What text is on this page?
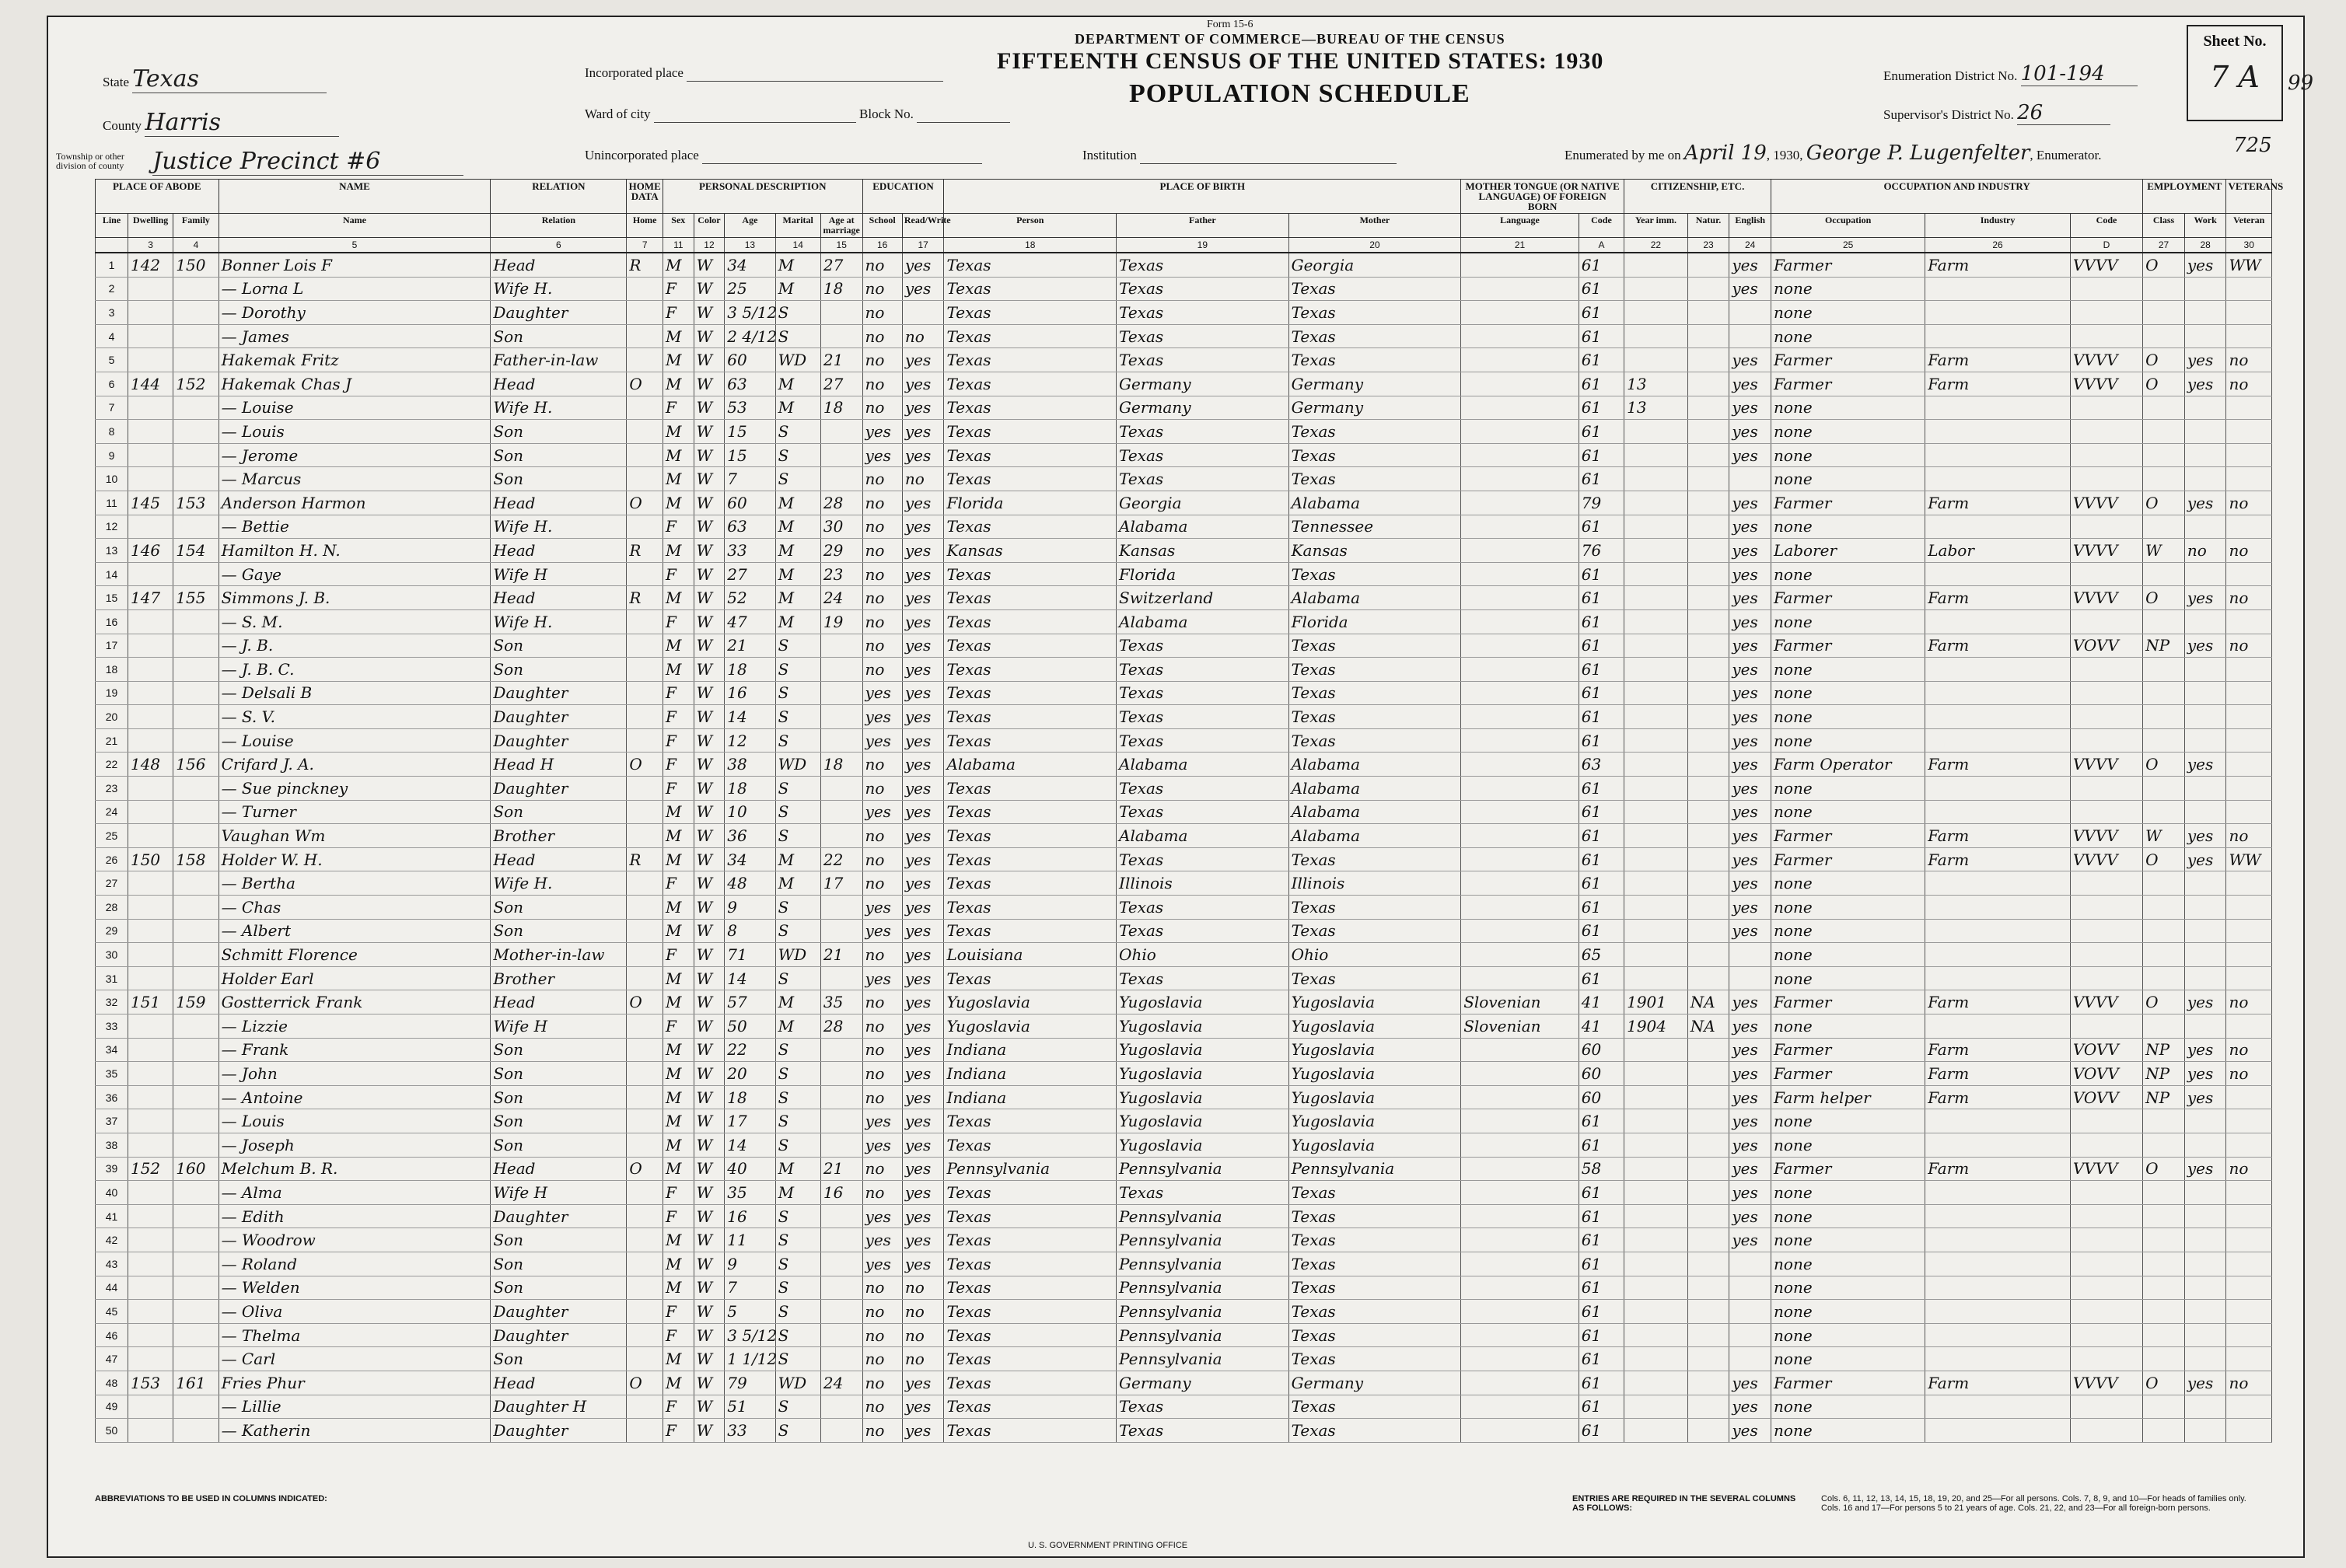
Form 15-6
DEPARTMENT OF COMMERCE—BUREAU OF THE CENSUS
FIFTEENTH CENSUS OF THE UNITED STATES: 1930
POPULATION SCHEDULE
State Texas
County Harris
Township or other division of county Justice Precinct #6
Incorporated place
Ward of city	Block No.
Unincorporated place	Institution
Enumeration District No. 101-194
Supervisor's District No. 26
Enumerated by me on April 19, 1930, George P. Lugenfelter, Enumerator.
Sheet No.
7 A	99
725
PLACE OF ABODE			NAME	RELATION	HOME DATA	PERSONAL DESCRIPTION					EDUCATION		PLACE OF BIRTH			MOTHER TONGUE (OR NATIVE LANGUAGE) OF FOREIGN BORN		CITIZENSHIP, ETC.			OCCUPATION AND INDUSTRY			EMPLOYMENT		VETERANS
Line	Dwelling	Family	Name	Relation	Home	Sex	Color	Age	Marital	Age at marriage	School	Read/Write	Person	Father	Mother	Language	Code	Year imm.	Natur.	English	Occupation	Industry	Code	Class	Work	Veteran
	3	4	5	6	7	11	12	13	14	15	16	17	18	19	20	21	A	22	23	24	25	26	D	27	28	30
1	142	150	Bonner Lois F	Head	R	M	W	34	M	27	no	yes	Texas	Texas	Georgia		61			yes	Farmer	Farm	VVVV	O	yes	WW
2			— Lorna L	Wife H.		F	W	25	M	18	no	yes	Texas	Texas	Texas		61			yes	none					
3			— Dorothy	Daughter		F	W	3 5/12	S		no		Texas	Texas	Texas		61				none					
4			— James	Son		M	W	2 4/12	S		no	no	Texas	Texas	Texas		61				none					
5			Hakemak Fritz	Father-in-law		M	W	60	WD	21	no	yes	Texas	Texas	Texas		61			yes	Farmer	Farm	VVVV	O	yes	no
6	144	152	Hakemak Chas J	Head	O	M	W	63	M	27	no	yes	Texas	Germany	Germany		61	13		yes	Farmer	Farm	VVVV	O	yes	no
7			— Louise	Wife H.		F	W	53	M	18	no	yes	Texas	Germany	Germany		61	13		yes	none					
8			— Louis	Son		M	W	15	S		yes	yes	Texas	Texas	Texas		61			yes	none					
9			— Jerome	Son		M	W	15	S		yes	yes	Texas	Texas	Texas		61			yes	none					
10			— Marcus	Son		M	W	7	S		no	no	Texas	Texas	Texas		61				none					
11	145	153	Anderson Harmon	Head	O	M	W	60	M	28	no	yes	Florida	Georgia	Alabama		79			yes	Farmer	Farm	VVVV	O	yes	no
12			— Bettie	Wife H.		F	W	63	M	30	no	yes	Texas	Alabama	Tennessee		61			yes	none					
13	146	154	Hamilton H. N.	Head	R	M	W	33	M	29	no	yes	Kansas	Kansas	Kansas		76			yes	Laborer	Labor	VVVV	W	no	no
14			— Gaye	Wife H		F	W	27	M	23	no	yes	Texas	Florida	Texas		61			yes	none					
15	147	155	Simmons J. B.	Head	R	M	W	52	M	24	no	yes	Texas	Switzerland	Alabama		61			yes	Farmer	Farm	VVVV	O	yes	no
16			— S. M.	Wife H.		F	W	47	M	19	no	yes	Texas	Alabama	Florida		61			yes	none					
17			— J. B.	Son		M	W	21	S		no	yes	Texas	Texas	Texas		61			yes	Farmer	Farm	VOVV	NP	yes	no
18			— J. B. C.	Son		M	W	18	S		no	yes	Texas	Texas	Texas		61			yes	none					
19			— Delsali B	Daughter		F	W	16	S		yes	yes	Texas	Texas	Texas		61			yes	none					
20			— S. V.	Daughter		F	W	14	S		yes	yes	Texas	Texas	Texas		61			yes	none					
21			— Louise	Daughter		F	W	12	S		yes	yes	Texas	Texas	Texas		61			yes	none					
22	148	156	Crifard J. A.	Head H	O	F	W	38	WD	18	no	yes	Alabama	Alabama	Alabama		63			yes	Farm Operator	Farm	VVVV	O	yes	
23			— Sue pinckney	Daughter		F	W	18	S		no	yes	Texas	Texas	Alabama		61			yes	none					
24			— Turner	Son		M	W	10	S		yes	yes	Texas	Texas	Alabama		61			yes	none					
25			Vaughan Wm	Brother		M	W	36	S		no	yes	Texas	Alabama	Alabama		61			yes	Farmer	Farm	VVVV	W	yes	no
26	150	158	Holder W. H.	Head	R	M	W	34	M	22	no	yes	Texas	Texas	Texas		61			yes	Farmer	Farm	VVVV	O	yes	WW
27			— Bertha	Wife H.		F	W	48	M	17	no	yes	Texas	Illinois	Illinois		61			yes	none					
28			— Chas	Son		M	W	9	S		yes	yes	Texas	Texas	Texas		61			yes	none					
29			— Albert	Son		M	W	8	S		yes	yes	Texas	Texas	Texas		61			yes	none					
30			Schmitt Florence	Mother-in-law		F	W	71	WD	21	no	yes	Louisiana	Ohio	Ohio		65				none					
31			Holder Earl	Brother		M	W	14	S		yes	yes	Texas	Texas	Texas		61				none					
32	151	159	Gostterrick Frank	Head	O	M	W	57	M	35	no	yes	Yugoslavia	Yugoslavia	Yugoslavia	Slovenian	41	1901	NA	yes	Farmer	Farm	VVVV	O	yes	no
33			— Lizzie	Wife H		F	W	50	M	28	no	yes	Yugoslavia	Yugoslavia	Yugoslavia	Slovenian	41	1904	NA	yes	none					
34			— Frank	Son		M	W	22	S		no	yes	Indiana	Yugoslavia	Yugoslavia		60			yes	Farmer	Farm	VOVV	NP	yes	no
35			— John	Son		M	W	20	S		no	yes	Indiana	Yugoslavia	Yugoslavia		60			yes	Farmer	Farm	VOVV	NP	yes	no
36			— Antoine	Son		M	W	18	S		no	yes	Indiana	Yugoslavia	Yugoslavia		60			yes	Farm helper	Farm	VOVV	NP	yes	
37			— Louis	Son		M	W	17	S		yes	yes	Texas	Yugoslavia	Yugoslavia		61			yes	none					
38			— Joseph	Son		M	W	14	S		yes	yes	Texas	Yugoslavia	Yugoslavia		61			yes	none					
39	152	160	Melchum B. R.	Head	O	M	W	40	M	21	no	yes	Pennsylvania	Pennsylvania	Pennsylvania		58			yes	Farmer	Farm	VVVV	O	yes	no
40			— Alma	Wife H		F	W	35	M	16	no	yes	Texas	Texas	Texas		61			yes	none					
41			— Edith	Daughter		F	W	16	S		yes	yes	Texas	Pennsylvania	Texas		61			yes	none					
42			— Woodrow	Son		M	W	11	S		yes	yes	Texas	Pennsylvania	Texas		61			yes	none					
43			— Roland	Son		M	W	9	S		yes	yes	Texas	Pennsylvania	Texas		61				none					
44			— Welden	Son		M	W	7	S		no	no	Texas	Pennsylvania	Texas		61				none					
45			— Oliva	Daughter		F	W	5	S		no	no	Texas	Pennsylvania	Texas		61				none					
46			— Thelma	Daughter		F	W	3 5/12	S		no	no	Texas	Pennsylvania	Texas		61				none					
47			— Carl	Son		M	W	1 1/12	S		no	no	Texas	Pennsylvania	Texas		61				none					
48	153	161	Fries Phur	Head	O	M	W	79	WD	24	no	yes	Texas	Germany	Germany		61			yes	Farmer	Farm	VVVV	O	yes	no
49			— Lillie	Daughter H		F	W	51	S		no	yes	Texas	Texas	Texas		61			yes	none					
50			— Katherin	Daughter		F	W	33	S		no	yes	Texas	Texas	Texas		61			yes	none					
ABBREVIATIONS TO BE USED IN COLUMNS INDICATED:	ENTRIES ARE REQUIRED IN THE SEVERAL COLUMNS AS FOLLOWS:
Cols. 6, 11, 12, 13, 14, 15, 18, 19, 20, and 25—For all persons. Cols. 7, 8, 9, and 10—For heads of families only. Cols. 16 and 17—For persons 5 to 21 years of age. Cols. 21, 22, and 23—For all foreign-born persons.
U. S. GOVERNMENT PRINTING OFFICE
